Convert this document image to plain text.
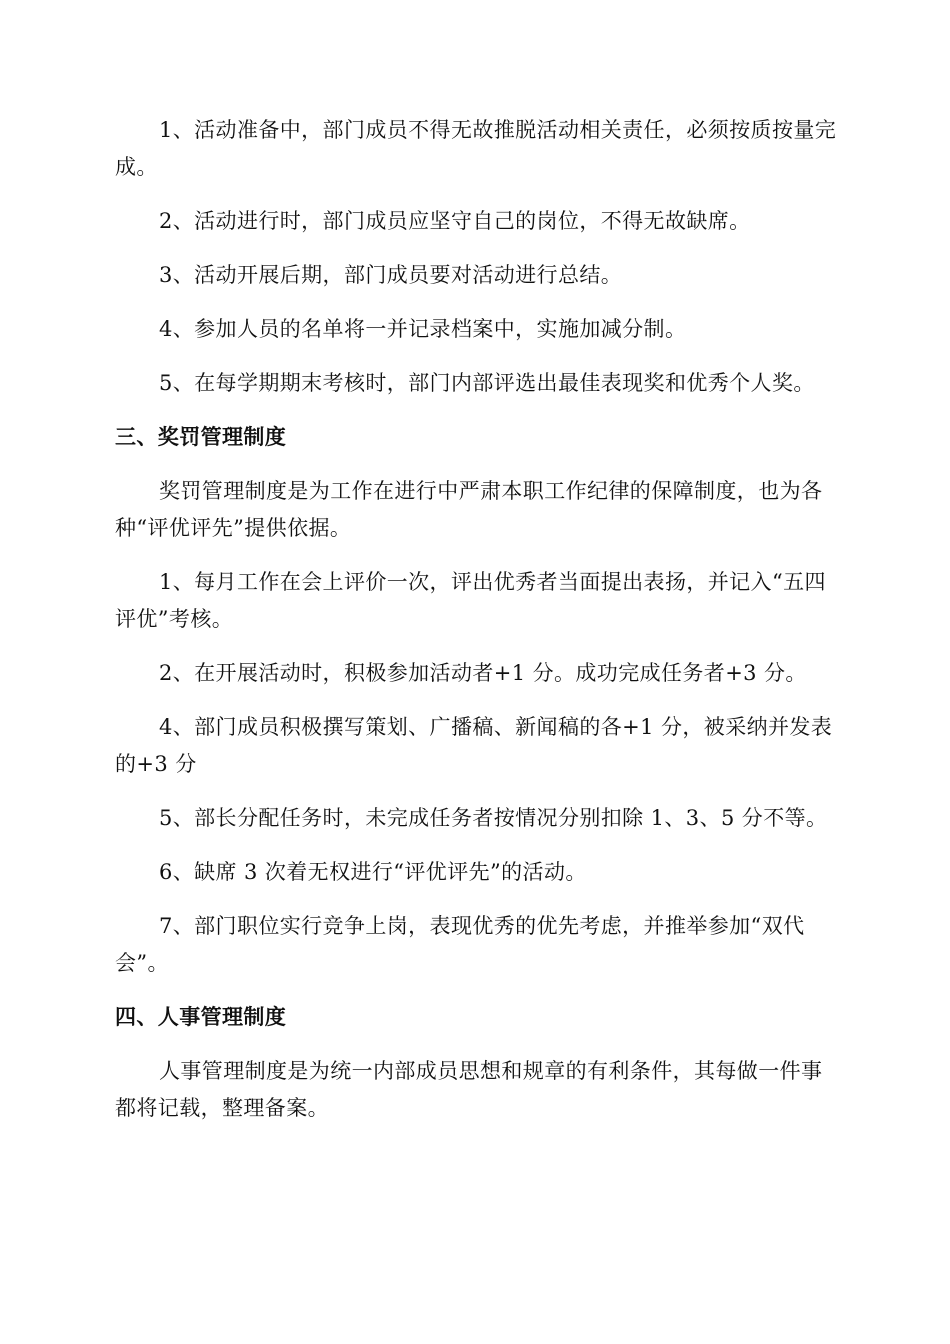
1、活动准备中，部门成员不得无故推脱活动相关责任，必须按质按量完成。

2、活动进行时，部门成员应坚守自己的岗位，不得无故缺席。

3、活动开展后期，部门成员要对活动进行总结。

4、参加人员的名单将一并记录档案中，实施加减分制。

5、在每学期期末考核时，部门内部评选出最佳表现奖和优秀个人奖。

三、奖罚管理制度

奖罚管理制度是为工作在进行中严肃本职工作纪律的保障制度，也为各种“评优评先”提供依据。

1、每月工作在会上评价一次，评出优秀者当面提出表扬，并记入“五四评优”考核。

2、在开展活动时，积极参加活动者+1 分。成功完成任务者+3 分。

4、部门成员积极撰写策划、广播稿、新闻稿的各+1 分，被采纳并发表的+3 分

5、部长分配任务时，未完成任务者按情况分别扣除 1、3、5 分不等。

6、缺席 3 次着无权进行“评优评先”的活动。

7、部门职位实行竞争上岗，表现优秀的优先考虑，并推举参加“双代会”。

四、人事管理制度

人事管理制度是为统一内部成员思想和规章的有利条件，其每做一件事都将记载，整理备案。
